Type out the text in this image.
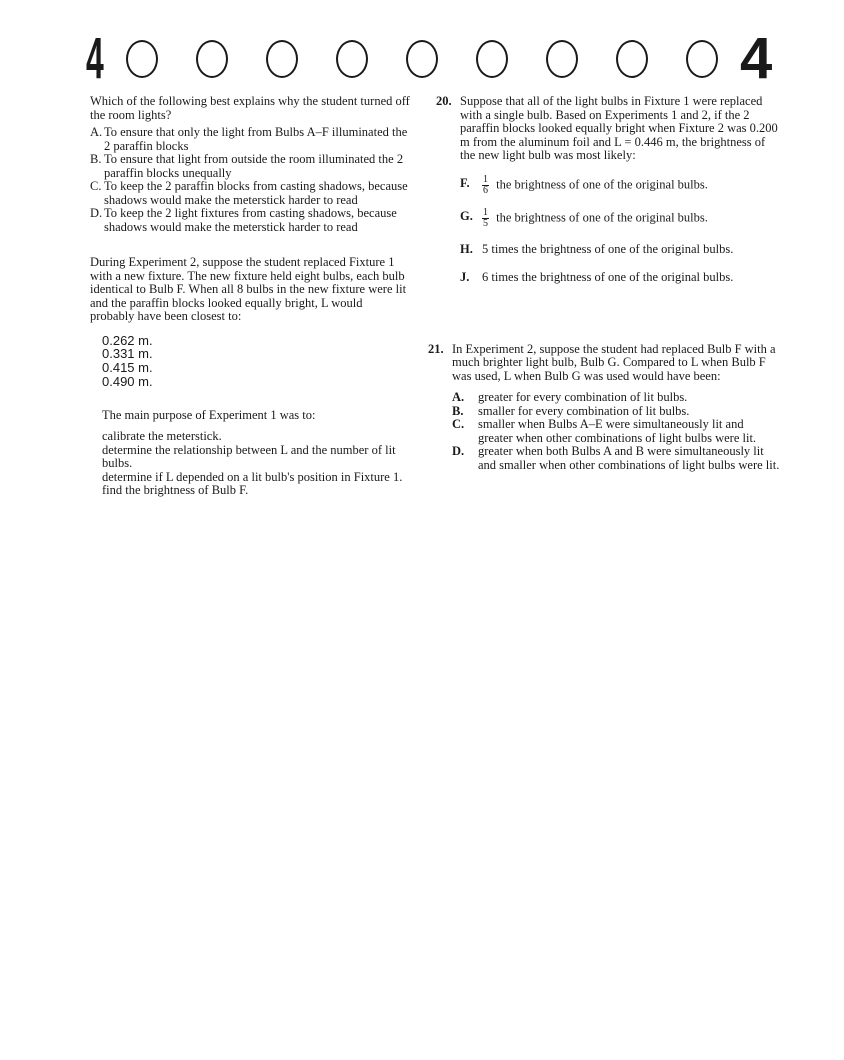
4	4

Which of the following best explains why the student turned off the room lights?

A. To ensure that only the light from Bulbs A–F illuminated the 2 paraffin blocks
B. To ensure that light from outside the room illuminated the 2 paraffin blocks unequally
C. To keep the 2 paraffin blocks from casting shadows, because shadows would make the meterstick harder to read
D. To keep the 2 light fixtures from casting shadows, because shadows would make the meterstick harder to read

During Experiment 2, suppose the student replaced Fixture 1 with a new fixture. The new fixture held eight bulbs, each bulb identical to Bulb F. When all 8 bulbs in the new fixture were lit and the paraffin blocks looked equally bright, L would probably have been closest to:

0.262 m.
0.331 m.
0.415 m.
0.490 m.

The main purpose of Experiment 1 was to:

calibrate the meterstick.
determine the relationship between L and the number of lit bulbs.
determine if L depended on a lit bulb's position in Fixture 1.
find the brightness of Bulb F.
20. Suppose that all of the light bulbs in Fixture 1 were replaced with a single bulb. Based on Experiments 1 and 2, if the 2 paraffin blocks looked equally bright when Fixture 2 was 0.200 m from the aluminum foil and L = 0.446 m, the brightness of the new light bulb was most likely:

F. $\frac{1}{6}$ the brightness of one of the original bulbs.
G. $\frac{1}{5}$ the brightness of one of the original bulbs.
H. 5 times the brightness of one of the original bulbs.
J. 6 times the brightness of one of the original bulbs.
21. In Experiment 2, suppose the student had replaced Bulb F with a much brighter light bulb, Bulb G. Compared to L when Bulb F was used, L when Bulb G was used would have been:

A.	greater for every combination of lit bulbs.
B.	smaller for every combination of lit bulbs.
C.	smaller when Bulbs A–E were simultaneously lit and greater when other combinations of light bulbs were lit.
D.	greater when both Bulbs A and B were simultaneously lit and smaller when other combinations of light bulbs were lit.
